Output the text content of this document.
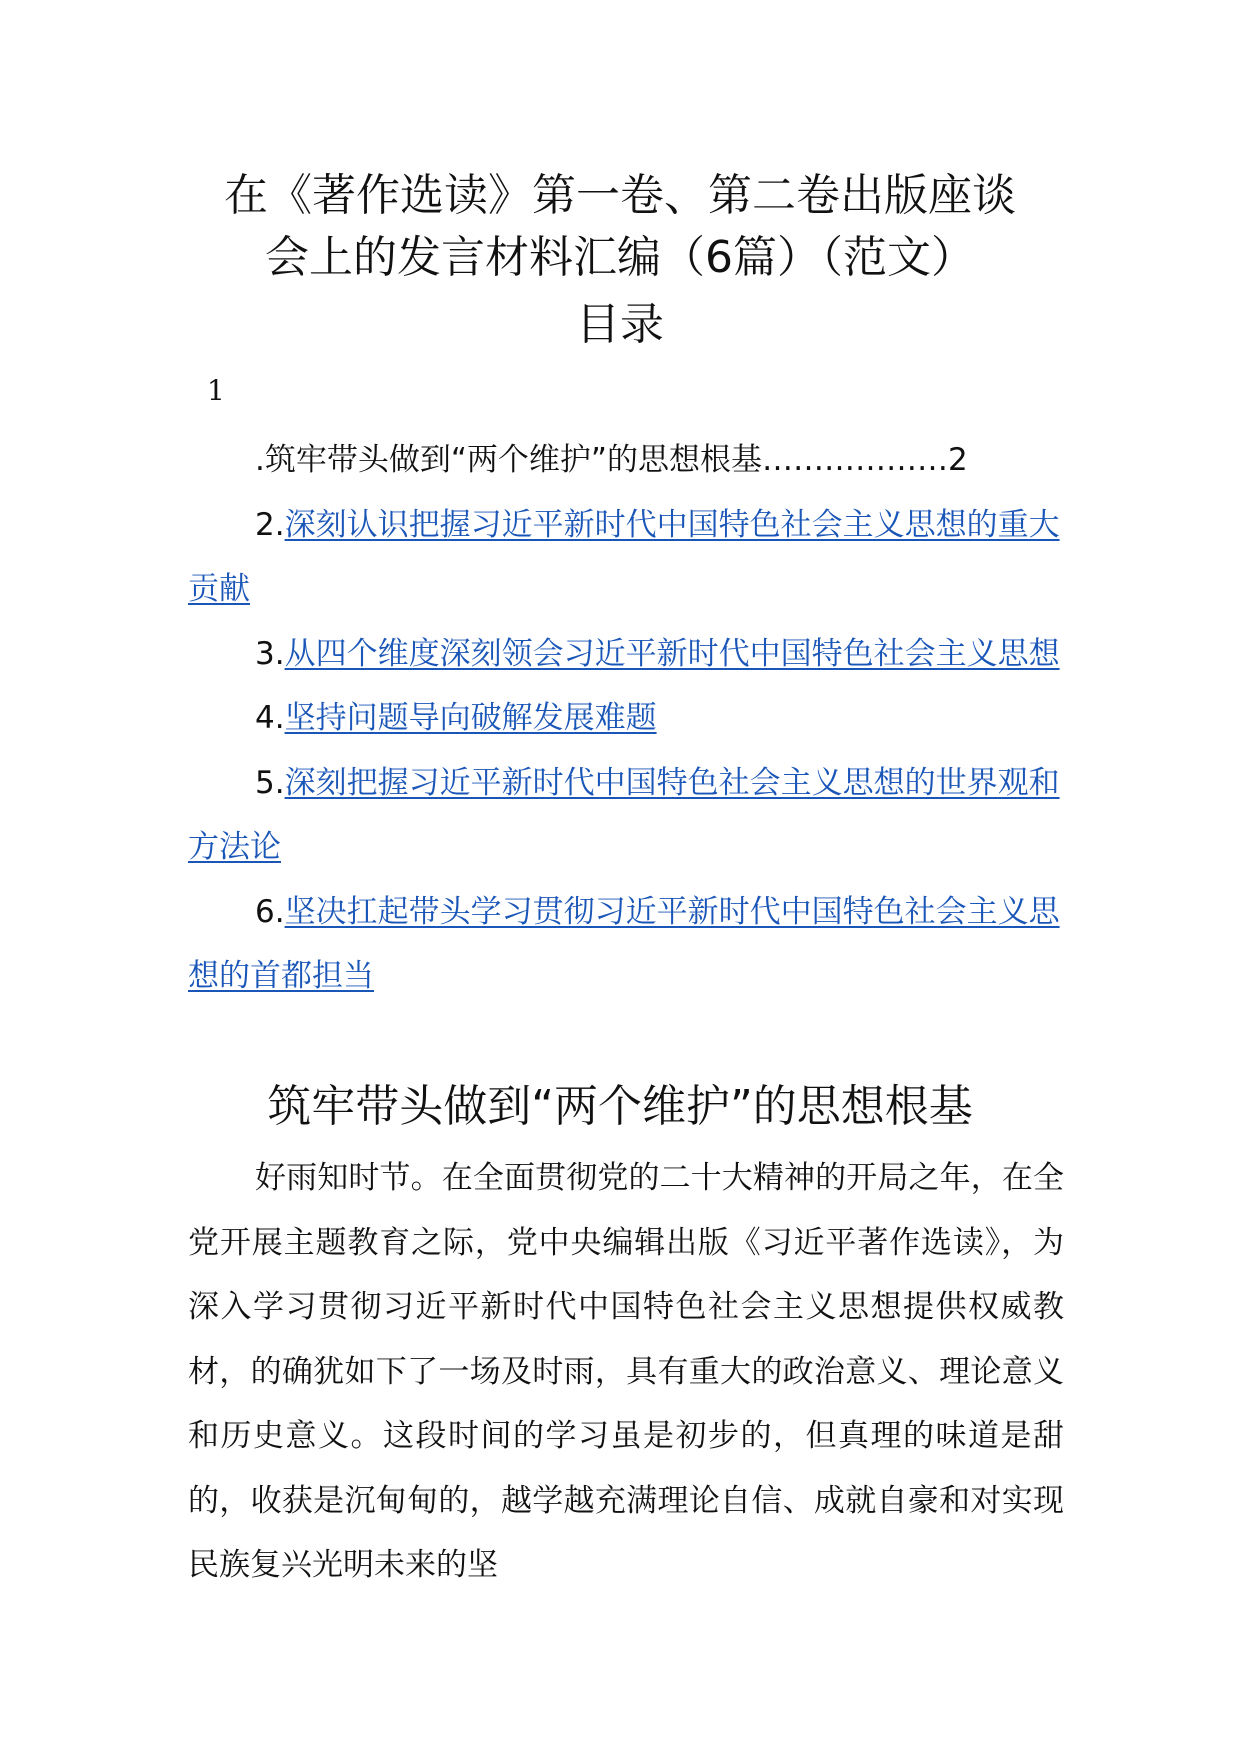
在《著作选读》第一卷、第二卷出版座谈
会上的发言材料汇编（6篇）（范文）
目录
1
.筑牢带头做到“两个维护”的思想根基………………2
2.深刻认识把握习近平新时代中国特色社会主义思想的重大贡献
3.从四个维度深刻领会习近平新时代中国特色社会主义思想
4.坚持问题导向破解发展难题
5.深刻把握习近平新时代中国特色社会主义思想的世界观和方法论
6.坚决扛起带头学习贯彻习近平新时代中国特色社会主义思想的首都担当
筑牢带头做到“两个维护”的思想根基

好雨知时节。在全面贯彻党的二十大精神的开局之年，在全党开展主题教育之际，党中央编辑出版《习近平著作选读》，为深入学习贯彻习近平新时代中国特色社会主义思想提供权威教材，的确犹如下了一场及时雨，具有重大的政治意义、理论意义和历史意义。这段时间的学习虽是初步的，但真理的味道是甜的，收获是沉甸甸的，越学越充满理论自信、成就自豪和对实现民族复兴光明未来的坚
